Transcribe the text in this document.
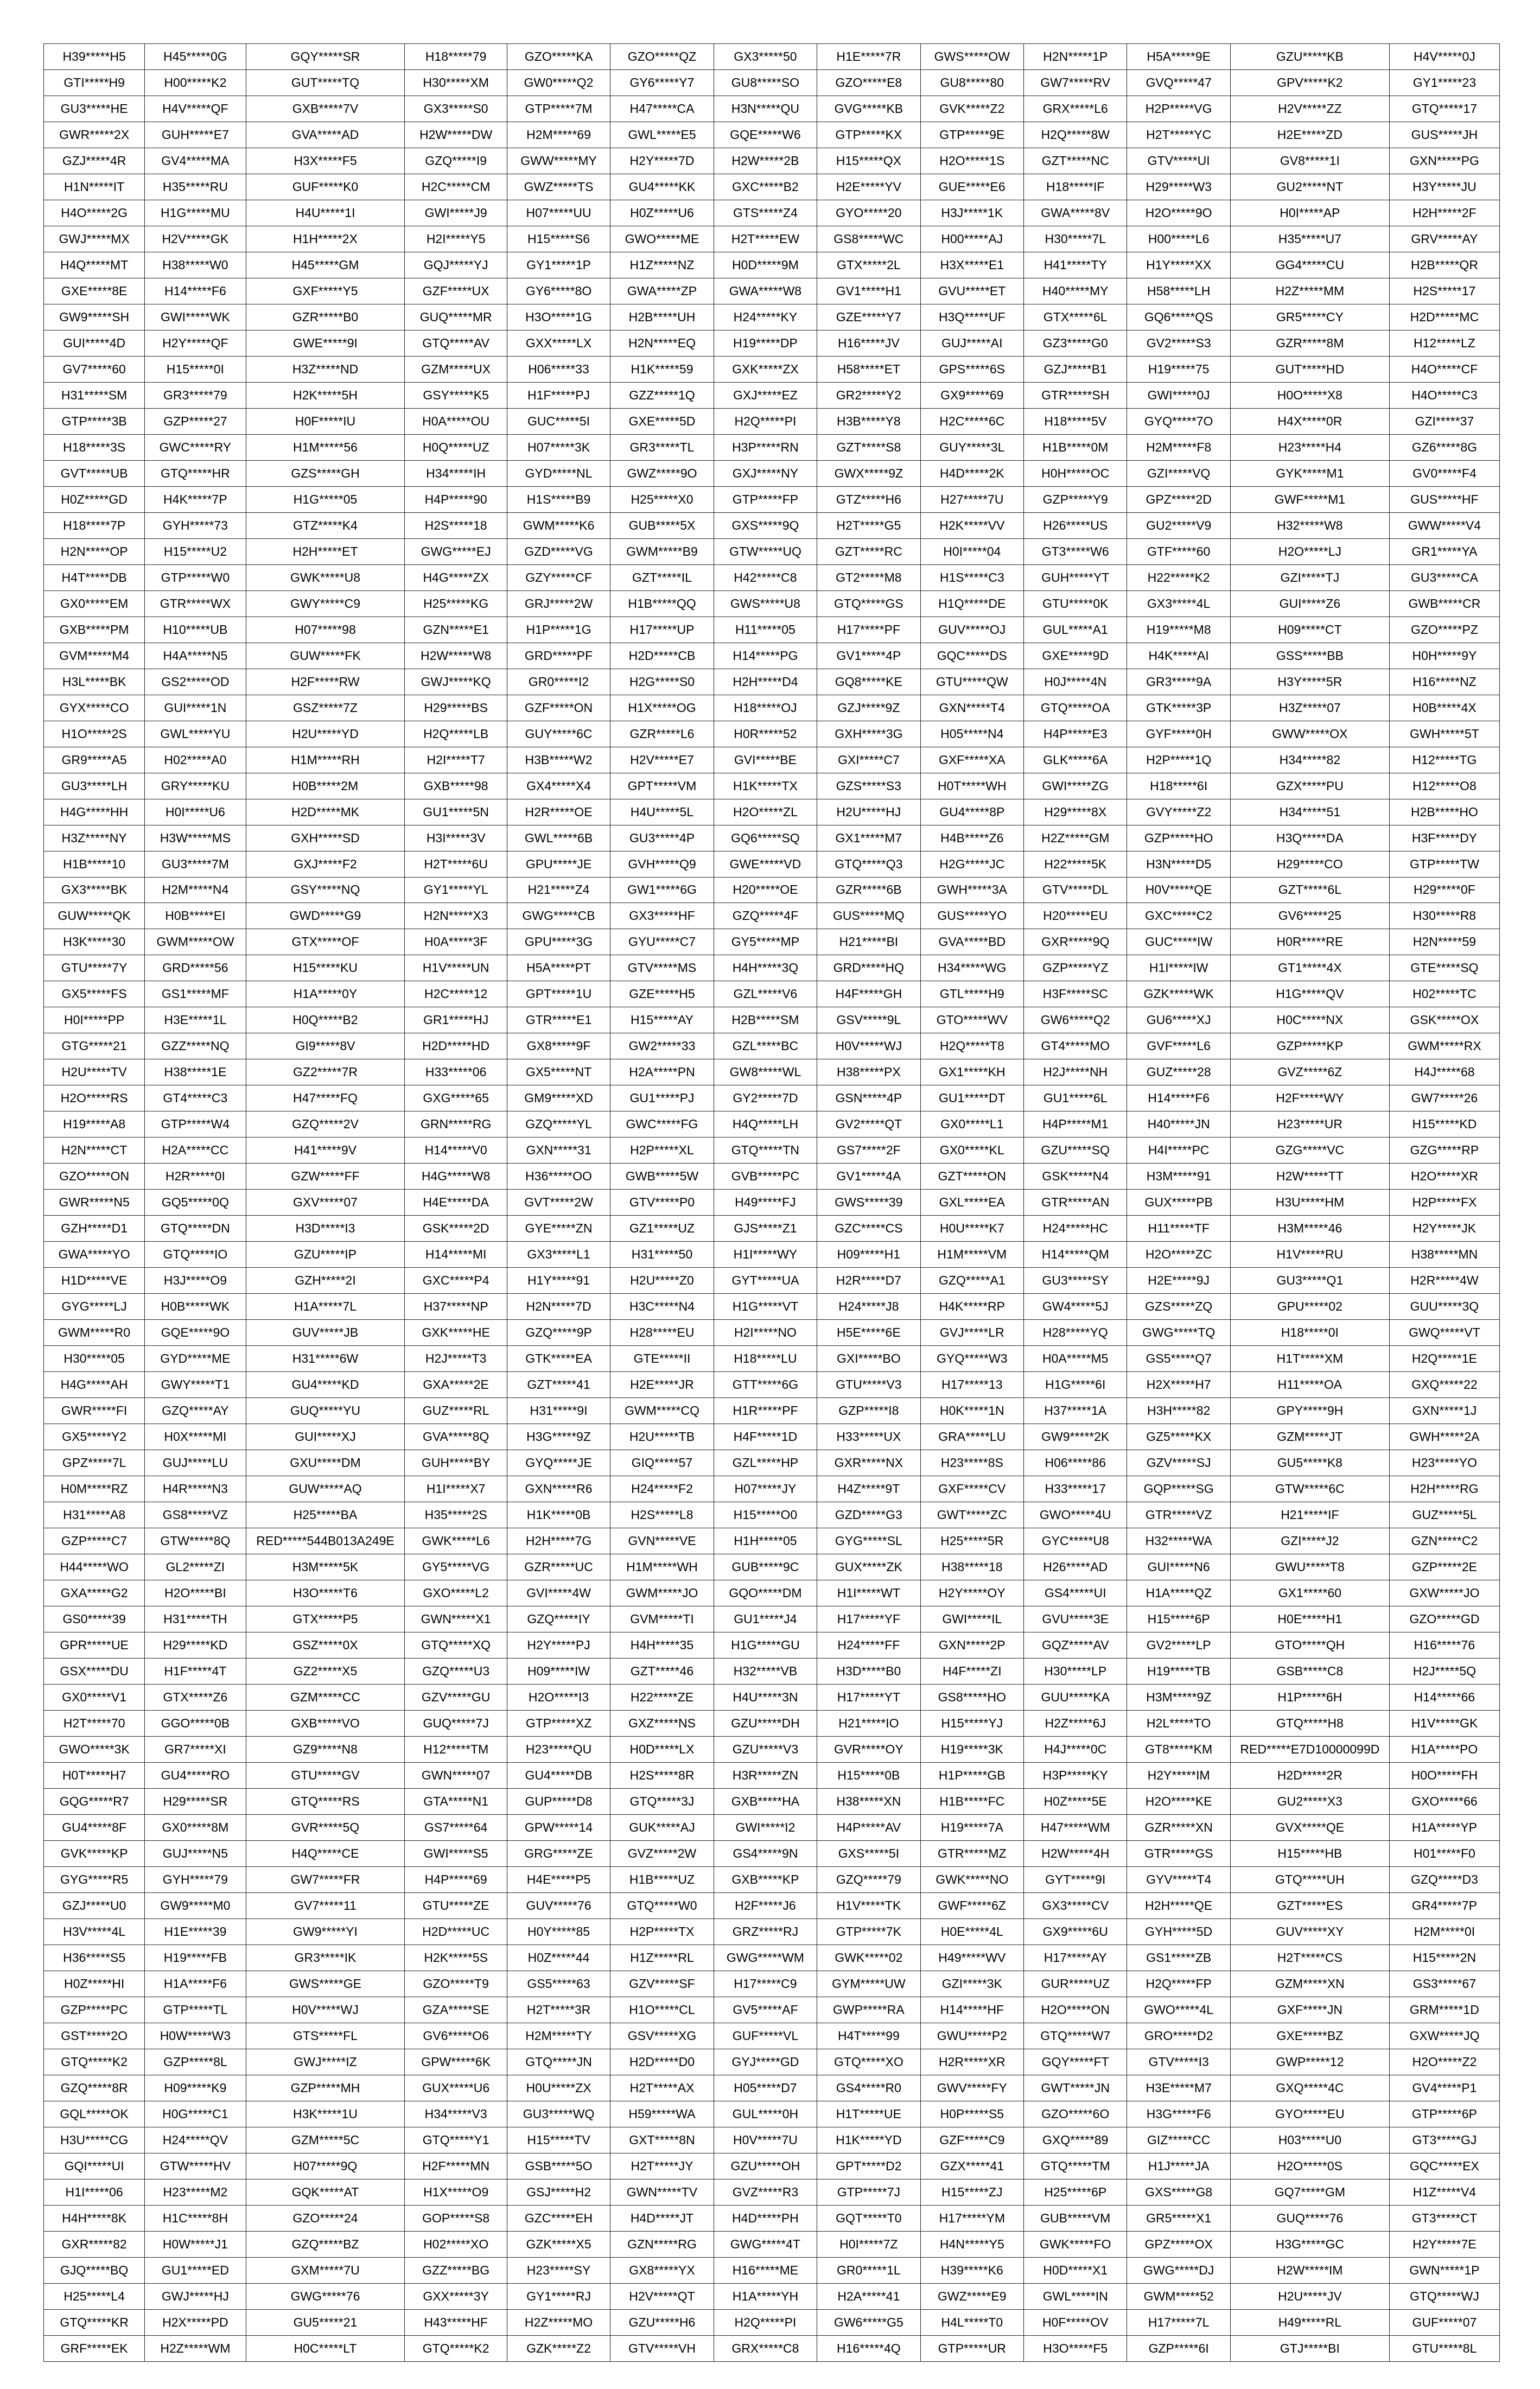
H39*****H5	H45*****0G	GQY*****SR	H18*****79	GZO*****KA	GZO*****QZ	GX3*****50	H1E*****7R	GWS*****OW	H2N*****1P	H5A*****9E	GZU*****KB	H4V*****0J
GTI*****H9	H00*****K2	GUT*****TQ	H30*****XM	GW0*****Q2	GY6*****Y7	GU8*****SO	GZO*****E8	GU8*****80	GW7*****RV	GVQ*****47	GPV*****K2	GY1*****23
GU3*****HE	H4V*****QF	GXB*****7V	GX3*****S0	GTP*****7M	H47*****CA	H3N*****QU	GVG*****KB	GVK*****Z2	GRX*****L6	H2P*****VG	H2V*****ZZ	GTQ*****17
GWR*****2X	GUH*****E7	GVA*****AD	H2W*****DW	H2M*****69	GWL*****E5	GQE*****W6	GTP*****KX	GTP*****9E	H2Q*****8W	H2T*****YC	H2E*****ZD	GUS*****JH
GZJ*****4R	GV4*****MA	H3X*****F5	GZQ*****I9	GWW*****MY	H2Y*****7D	H2W*****2B	H15*****QX	H2O*****1S	GZT*****NC	GTV*****UI	GV8*****1I	GXN*****PG
H1N*****IT	H35*****RU	GUF*****K0	H2C*****CM	GWZ*****TS	GU4*****KK	GXC*****B2	H2E*****YV	GUE*****E6	H18*****IF	H29*****W3	GU2*****NT	H3Y*****JU
H4O*****2G	H1G*****MU	H4U*****1I	GWI*****J9	H07*****UU	H0Z*****U6	GTS*****Z4	GYO*****20	H3J*****1K	GWA*****8V	H2O*****9O	H0I*****AP	H2H*****2F
GWJ*****MX	H2V*****GK	H1H*****2X	H2I*****Y5	H15*****S6	GWO*****ME	H2T*****EW	GS8*****WC	H00*****AJ	H30*****7L	H00*****L6	H35*****U7	GRV*****AY
H4Q*****MT	H38*****W0	H45*****GM	GQJ*****YJ	GY1*****1P	H1Z*****NZ	H0D*****9M	GTX*****2L	H3X*****E1	H41*****TY	H1Y*****XX	GG4*****CU	H2B*****QR
GXE*****8E	H14*****F6	GXF*****Y5	GZF*****UX	GY6*****8O	GWA*****ZP	GWA*****W8	GV1*****H1	GVU*****ET	H40*****MY	H58*****LH	H2Z*****MM	H2S*****17
GW9*****SH	GWI*****WK	GZR*****B0	GUQ*****MR	H3O*****1G	H2B*****UH	H24*****KY	GZE*****Y7	H3Q*****UF	GTX*****6L	GQ6*****QS	GR5*****CY	H2D*****MC
GUI*****4D	H2Y*****QF	GWE*****9I	GTQ*****AV	GXX*****LX	H2N*****EQ	H19*****DP	H16*****JV	GUJ*****AI	GZ3*****G0	GV2*****S3	GZR*****8M	H12*****LZ
GV7*****60	H15*****0I	H3Z*****ND	GZM*****UX	H06*****33	H1K*****59	GXK*****ZX	H58*****ET	GPS*****6S	GZJ*****B1	H19*****75	GUT*****HD	H4O*****CF
H31*****SM	GR3*****79	H2K*****5H	GSY*****K5	H1F*****PJ	GZZ*****1Q	GXJ*****EZ	GR2*****Y2	GX9*****69	GTR*****SH	GWI*****0J	H0O*****X8	H4O*****C3
GTP*****3B	GZP*****27	H0F*****IU	H0A*****OU	GUC*****5I	GXE*****5D	H2Q*****PI	H3B*****Y8	H2C*****6C	H18*****5V	GYQ*****7O	H4X*****0R	GZI*****37
H18*****3S	GWC*****RY	H1M*****56	H0Q*****UZ	H07*****3K	GR3*****TL	H3P*****RN	GZT*****S8	GUY*****3L	H1B*****0M	H2M*****F8	H23*****H4	GZ6*****8G
GVT*****UB	GTQ*****HR	GZS*****GH	H34*****IH	GYD*****NL	GWZ*****9O	GXJ*****NY	GWX*****9Z	H4D*****2K	H0H*****OC	GZI*****VQ	GYK*****M1	GV0*****F4
H0Z*****GD	H4K*****7P	H1G*****05	H4P*****90	H1S*****B9	H25*****X0	GTP*****FP	GTZ*****H6	H27*****7U	GZP*****Y9	GPZ*****2D	GWF*****M1	GUS*****HF
H18*****7P	GYH*****73	GTZ*****K4	H2S*****18	GWM*****K6	GUB*****5X	GXS*****9Q	H2T*****G5	H2K*****VV	H26*****US	GU2*****V9	H32*****W8	GWW*****V4
H2N*****OP	H15*****U2	H2H*****ET	GWG*****EJ	GZD*****VG	GWM*****B9	GTW*****UQ	GZT*****RC	H0I*****04	GT3*****W6	GTF*****60	H2O*****LJ	GR1*****YA
H4T*****DB	GTP*****W0	GWK*****U8	H4G*****ZX	GZY*****CF	GZT*****IL	H42*****C8	GT2*****M8	H1S*****C3	GUH*****YT	H22*****K2	GZI*****TJ	GU3*****CA
GX0*****EM	GTR*****WX	GWY*****C9	H25*****KG	GRJ*****2W	H1B*****QQ	GWS*****U8	GTQ*****GS	H1Q*****DE	GTU*****0K	GX3*****4L	GUI*****Z6	GWB*****CR
GXB*****PM	H10*****UB	H07*****98	GZN*****E1	H1P*****1G	H17*****UP	H11*****05	H17*****PF	GUV*****OJ	GUL*****A1	H19*****M8	H09*****CT	GZO*****PZ
GVM*****M4	H4A*****N5	GUW*****FK	H2W*****W8	GRD*****PF	H2D*****CB	H14*****PG	GV1*****4P	GQC*****DS	GXE*****9D	H4K*****AI	GSS*****BB	H0H*****9Y
H3L*****BK	GS2*****OD	H2F*****RW	GWJ*****KQ	GR0*****I2	H2G*****S0	H2H*****D4	GQ8*****KE	GTU*****QW	H0J*****4N	GR3*****9A	H3Y*****5R	H16*****NZ
GYX*****CO	GUI*****1N	GSZ*****7Z	H29*****BS	GZF*****ON	H1X*****OG	H18*****OJ	GZJ*****9Z	GXN*****T4	GTQ*****OA	GTK*****3P	H3Z*****07	H0B*****4X
H1O*****2S	GWL*****YU	H2U*****YD	H2Q*****LB	GUY*****6C	GZR*****L6	H0R*****52	GXH*****3G	H05*****N4	H4P*****E3	GYF*****0H	GWW*****OX	GWH*****5T
GR9*****A5	H02*****A0	H1M*****RH	H2I*****T7	H3B*****W2	H2V*****E7	GVI*****BE	GXI*****C7	GXF*****XA	GLK*****6A	H2P*****1Q	H34*****82	H12*****TG
GU3*****LH	GRY*****KU	H0B*****2M	GXB*****98	GX4*****X4	GPT*****VM	H1K*****TX	GZS*****S3	H0T*****WH	GWI*****ZG	H18*****6I	GZX*****PU	H12*****O8
H4G*****HH	H0I*****U6	H2D*****MK	GU1*****5N	H2R*****OE	H4U*****5L	H2O*****ZL	H2U*****HJ	GU4*****8P	H29*****8X	GVY*****Z2	H34*****51	H2B*****HO
H3Z*****NY	H3W*****MS	GXH*****SD	H3I*****3V	GWL*****6B	GU3*****4P	GQ6*****SQ	GX1*****M7	H4B*****Z6	H2Z*****GM	GZP*****HO	H3Q*****DA	H3F*****DY
H1B*****10	GU3*****7M	GXJ*****F2	H2T*****6U	GPU*****JE	GVH*****Q9	GWE*****VD	GTQ*****Q3	H2G*****JC	H22*****5K	H3N*****D5	H29*****CO	GTP*****TW
GX3*****BK	H2M*****N4	GSY*****NQ	GY1*****YL	H21*****Z4	GW1*****6G	H20*****OE	GZR*****6B	GWH*****3A	GTV*****DL	H0V*****QE	GZT*****6L	H29*****0F
GUW*****QK	H0B*****EI	GWD*****G9	H2N*****X3	GWG*****CB	GX3*****HF	GZQ*****4F	GUS*****MQ	GUS*****YO	H20*****EU	GXC*****C2	GV6*****25	H30*****R8
H3K*****30	GWM*****OW	GTX*****OF	H0A*****3F	GPU*****3G	GYU*****C7	GY5*****MP	H21*****BI	GVA*****BD	GXR*****9Q	GUC*****IW	H0R*****RE	H2N*****59
GTU*****7Y	GRD*****56	H15*****KU	H1V*****UN	H5A*****PT	GTV*****MS	H4H*****3Q	GRD*****HQ	H34*****WG	GZP*****YZ	H1I*****IW	GT1*****4X	GTE*****SQ
GX5*****FS	GS1*****MF	H1A*****0Y	H2C*****12	GPT*****1U	GZE*****H5	GZL*****V6	H4F*****GH	GTL*****H9	H3F*****SC	GZK*****WK	H1G*****QV	H02*****TC
H0I*****PP	H3E*****1L	H0Q*****B2	GR1*****HJ	GTR*****E1	H15*****AY	H2B*****SM	GSV*****9L	GTO*****WV	GW6*****Q2	GU6*****XJ	H0C*****NX	GSK*****OX
GTG*****21	GZZ*****NQ	GI9*****8V	H2D*****HD	GX8*****9F	GW2*****33	GZL*****BC	H0V*****WJ	H2Q*****T8	GT4*****MO	GVF*****L6	GZP*****KP	GWM*****RX
H2U*****TV	H38*****1E	GZ2*****7R	H33*****06	GX5*****NT	H2A*****PN	GW8*****WL	H38*****PX	GX1*****KH	H2J*****NH	GUZ*****28	GVZ*****6Z	H4J*****68
H2O*****RS	GT4*****C3	H47*****FQ	GXG*****65	GM9*****XD	GU1*****PJ	GY2*****7D	GSN*****4P	GU1*****DT	GU1*****6L	H14*****F6	H2F*****WY	GW7*****26
H19*****A8	GTP*****W4	GZQ*****2V	GRN*****RG	GZQ*****YL	GWC*****FG	H4Q*****LH	GV2*****QT	GX0*****L1	H4P*****M1	H40*****JN	H23*****UR	H15*****KD
H2N*****CT	H2A*****CC	H41*****9V	H14*****V0	GXN*****31	H2P*****XL	GTQ*****TN	GS7*****2F	GX0*****KL	GZU*****SQ	H4I*****PC	GZG*****VC	GZG*****RP
GZO*****ON	H2R*****0I	GZW*****FF	H4G*****W8	H36*****OO	GWB*****5W	GVB*****PC	GV1*****4A	GZT*****ON	GSK*****N4	H3M*****91	H2W*****TT	H2O*****XR
GWR*****N5	GQ5*****0Q	GXV*****07	H4E*****DA	GVT*****2W	GTV*****P0	H49*****FJ	GWS*****39	GXL*****EA	GTR*****AN	GUX*****PB	H3U*****HM	H2P*****FX
GZH*****D1	GTQ*****DN	H3D*****I3	GSK*****2D	GYE*****ZN	GZ1*****UZ	GJS*****Z1	GZC*****CS	H0U*****K7	H24*****HC	H11*****TF	H3M*****46	H2Y*****JK
GWA*****YO	GTQ*****IO	GZU*****IP	H14*****MI	GX3*****L1	H31*****50	H1I*****WY	H09*****H1	H1M*****VM	H14*****QM	H2O*****ZC	H1V*****RU	H38*****MN
H1D*****VE	H3J*****O9	GZH*****2I	GXC*****P4	H1Y*****91	H2U*****Z0	GYT*****UA	H2R*****D7	GZQ*****A1	GU3*****SY	H2E*****9J	GU3*****Q1	H2R*****4W
GYG*****LJ	H0B*****WK	H1A*****7L	H37*****NP	H2N*****7D	H3C*****N4	H1G*****VT	H24*****J8	H4K*****RP	GW4*****5J	GZS*****ZQ	GPU*****02	GUU*****3Q
GWM*****R0	GQE*****9O	GUV*****JB	GXK*****HE	GZQ*****9P	H28*****EU	H2I*****NO	H5E*****6E	GVJ*****LR	H28*****YQ	GWG*****TQ	H18*****0I	GWQ*****VT
H30*****05	GYD*****ME	H31*****6W	H2J*****T3	GTK*****EA	GTE*****II	H18*****LU	GXI*****BO	GYQ*****W3	H0A*****M5	GS5*****Q7	H1T*****XM	H2Q*****1E
H4G*****AH	GWY*****T1	GU4*****KD	GXA*****2E	GZT*****41	H2E*****JR	GTT*****6G	GTU*****V3	H17*****13	H1G*****6I	H2X*****H7	H11*****OA	GXQ*****22
GWR*****FI	GZQ*****AY	GUQ*****YU	GUZ*****RL	H31*****9I	GWM*****CQ	H1R*****PF	GZP*****I8	H0K*****1N	H37*****1A	H3H*****82	GPY*****9H	GXN*****1J
GX5*****Y2	H0X*****MI	GUI*****XJ	GVA*****8Q	H3G*****9Z	H2U*****TB	H4F*****1D	H33*****UX	GRA*****LU	GW9*****2K	GZ5*****KX	GZM*****JT	GWH*****2A
GPZ*****7L	GUJ*****LU	GXU*****DM	GUH*****BY	GYQ*****JE	GIQ*****57	GZL*****HP	GXR*****NX	H23*****8S	H06*****86	GZV*****SJ	GU5*****K8	H23*****YO
H0M*****RZ	H4R*****N3	GUW*****AQ	H1I*****X7	GXN*****R6	H24*****F2	H07*****JY	H4Z*****9T	GXF*****CV	H33*****17	GQP*****SG	GTW*****6C	H2H*****RG
H31*****A8	GS8*****VZ	H25*****BA	H35*****2S	H1K*****0B	H2S*****L8	H15*****O0	GZD*****G3	GWT*****ZC	GWO*****4U	GTR*****VZ	H21*****IF	GUZ*****5L
GZP*****C7	GTW*****8Q	RED*****544B013A249E	GWK*****L6	H2H*****7G	GVN*****VE	H1H*****05	GYG*****SL	H25*****5R	GYC*****U8	H32*****WA	GZI*****J2	GZN*****C2
H44*****WO	GL2*****ZI	H3M*****5K	GY5*****VG	GZR*****UC	H1M*****WH	GUB*****9C	GUX*****ZK	H38*****18	H26*****AD	GUI*****N6	GWU*****T8	GZP*****2E
GXA*****G2	H2O*****BI	H3O*****T6	GXO*****L2	GVI*****4W	GWM*****JO	GQO*****DM	H1I*****WT	H2Y*****OY	GS4*****UI	H1A*****QZ	GX1*****60	GXW*****JO
GS0*****39	H31*****TH	GTX*****P5	GWN*****X1	GZQ*****IY	GVM*****TI	GU1*****J4	H17*****YF	GWI*****IL	GVU*****3E	H15*****6P	H0E*****H1	GZO*****GD
GPR*****UE	H29*****KD	GSZ*****0X	GTQ*****XQ	H2Y*****PJ	H4H*****35	H1G*****GU	H24*****FF	GXN*****2P	GQZ*****AV	GV2*****LP	GTO*****QH	H16*****76
GSX*****DU	H1F*****4T	GZ2*****X5	GZQ*****U3	H09*****IW	GZT*****46	H32*****VB	H3D*****B0	H4F*****ZI	H30*****LP	H19*****TB	GSB*****C8	H2J*****5Q
GX0*****V1	GTX*****Z6	GZM*****CC	GZV*****GU	H2O*****I3	H22*****ZE	H4U*****3N	H17*****YT	GS8*****HO	GUU*****KA	H3M*****9Z	H1P*****6H	H14*****66
H2T*****70	GGO*****0B	GXB*****VO	GUQ*****7J	GTP*****XZ	GXZ*****NS	GZU*****DH	H21*****IO	H15*****YJ	H2Z*****6J	H2L*****TO	GTQ*****H8	H1V*****GK
GWO*****3K	GR7*****XI	GZ9*****N8	H12*****TM	H23*****QU	H0D*****LX	GZU*****V3	GVR*****OY	H19*****3K	H4J*****0C	GT8*****KM	RED*****E7D10000099D	H1A*****PO
H0T*****H7	GU4*****RO	GTU*****GV	GWN*****07	GU4*****DB	H2S*****8R	H3R*****ZN	H15*****0B	H1P*****GB	H3P*****KY	H2Y*****IM	H2D*****2R	H0O*****FH
GQG*****R7	H29*****SR	GTQ*****RS	GTA*****N1	GUP*****D8	GTQ*****3J	GXB*****HA	H38*****XN	H1B*****FC	H0Z*****5E	H2O*****KE	GU2*****X3	GXO*****66
GU4*****8F	GX0*****8M	GVR*****5Q	GS7*****64	GPW*****14	GUK*****AJ	GWI*****I2	H4P*****AV	H19*****7A	H47*****WM	GZR*****XN	GVX*****QE	H1A*****YP
GVK*****KP	GUJ*****N5	H4Q*****CE	GWI*****S5	GRG*****ZE	GVZ*****2W	GS4*****9N	GXS*****5I	GTR*****MZ	H2W*****4H	GTR*****GS	H15*****HB	H01*****F0
GYG*****R5	GYH*****79	GW7*****FR	H4P*****69	H4E*****P5	H1B*****UZ	GXB*****KP	GZQ*****79	GWK*****NO	GYT*****9I	GYV*****T4	GTQ*****UH	GZQ*****D3
GZJ*****U0	GW9*****M0	GV7*****11	GTU*****ZE	GUV*****76	GTQ*****W0	H2F*****J6	H1V*****TK	GWF*****6Z	GX3*****CV	H2H*****QE	GZT*****ES	GR4*****7P
H3V*****4L	H1E*****39	GW9*****YI	H2D*****UC	H0Y*****85	H2P*****TX	GRZ*****RJ	GTP*****7K	H0E*****4L	GX9*****6U	GYH*****5D	GUV*****XY	H2M*****0I
H36*****S5	H19*****FB	GR3*****IK	H2K*****5S	H0Z*****44	H1Z*****RL	GWG*****WM	GWK*****02	H49*****WV	H17*****AY	GS1*****ZB	H2T*****CS	H15*****2N
H0Z*****HI	H1A*****F6	GWS*****GE	GZO*****T9	GS5*****63	GZV*****SF	H17*****C9	GYM*****UW	GZI*****3K	GUR*****UZ	H2Q*****FP	GZM*****XN	GS3*****67
GZP*****PC	GTP*****TL	H0V*****WJ	GZA*****SE	H2T*****3R	H1O*****CL	GV5*****AF	GWP*****RA	H14*****HF	H2O*****ON	GWO*****4L	GXF*****JN	GRM*****1D
GST*****2O	H0W*****W3	GTS*****FL	GV6*****O6	H2M*****TY	GSV*****XG	GUF*****VL	H4T*****99	GWU*****P2	GTQ*****W7	GRO*****D2	GXE*****BZ	GXW*****JQ
GTQ*****K2	GZP*****8L	GWJ*****IZ	GPW*****6K	GTQ*****JN	H2D*****D0	GYJ*****GD	GTQ*****XO	H2R*****XR	GQY*****FT	GTV*****I3	GWP*****12	H2O*****Z2
GZQ*****8R	H09*****K9	GZP*****MH	GUX*****U6	H0U*****ZX	H2T*****AX	H05*****D7	GS4*****R0	GWV*****FY	GWT*****JN	H3E*****M7	GXQ*****4C	GV4*****P1
GQL*****OK	H0G*****C1	H3K*****1U	H34*****V3	GU3*****WQ	H59*****WA	GUL*****0H	H1T*****UE	H0P*****S5	GZO*****6O	H3G*****F6	GYO*****EU	GTP*****6P
H3U*****CG	H24*****QV	GZM*****5C	GTQ*****Y1	H15*****TV	GXT*****8N	H0V*****7U	H1K*****YD	GZF*****C9	GXQ*****89	GIZ*****CC	H03*****U0	GT3*****GJ
GQI*****UI	GTW*****HV	H07*****9Q	H2F*****MN	GSB*****5O	H2T*****JY	GZU*****OH	GPT*****D2	GZX*****41	GTQ*****TM	H1J*****JA	H2O*****0S	GQC*****EX
H1I*****06	H23*****M2	GQK*****AT	H1X*****O9	GSJ*****H2	GWN*****TV	GVZ*****R3	GTP*****7J	H15*****ZJ	H25*****6P	GXS*****G8	GQ7*****GM	H1Z*****V4
H4H*****8K	H1C*****8H	GZO*****24	GOP*****S8	GZC*****EH	H4D*****JT	H4D*****PH	GQT*****T0	H17*****YM	GUB*****VM	GR5*****X1	GUQ*****76	GT3*****CT
GXR*****82	H0W*****J1	GZQ*****BZ	H02*****XO	GZK*****X5	GZN*****RG	GWG*****4T	H0I*****7Z	H4N*****Y5	GWK*****FO	GPZ*****OX	H3G*****GC	H2Y*****7E
GJQ*****BQ	GU1*****ED	GXM*****7U	GZZ*****BG	H23*****SY	GX8*****YX	H16*****ME	GR0*****1L	H39*****K6	H0D*****X1	GWG*****DJ	H2W*****IM	GWN*****1P
H25*****L4	GWJ*****HJ	GWG*****76	GXX*****3Y	GY1*****RJ	H2V*****QT	H1A*****YH	H2A*****41	GWZ*****E9	GWL*****IN	GWM*****52	H2U*****JV	GTQ*****WJ
GTQ*****KR	H2X*****PD	GU5*****21	H43*****HF	H2Z*****MO	GZU*****H6	H2Q*****PI	GW6*****G5	H4L*****T0	H0F*****OV	H17*****7L	H49*****RL	GUF*****07
GRF*****EK	H2Z*****WM	H0C*****LT	GTQ*****K2	GZK*****Z2	GTV*****VH	GRX*****C8	H16*****4Q	GTP*****UR	H3O*****F5	GZP*****6I	GTJ*****BI	GTU*****8L
